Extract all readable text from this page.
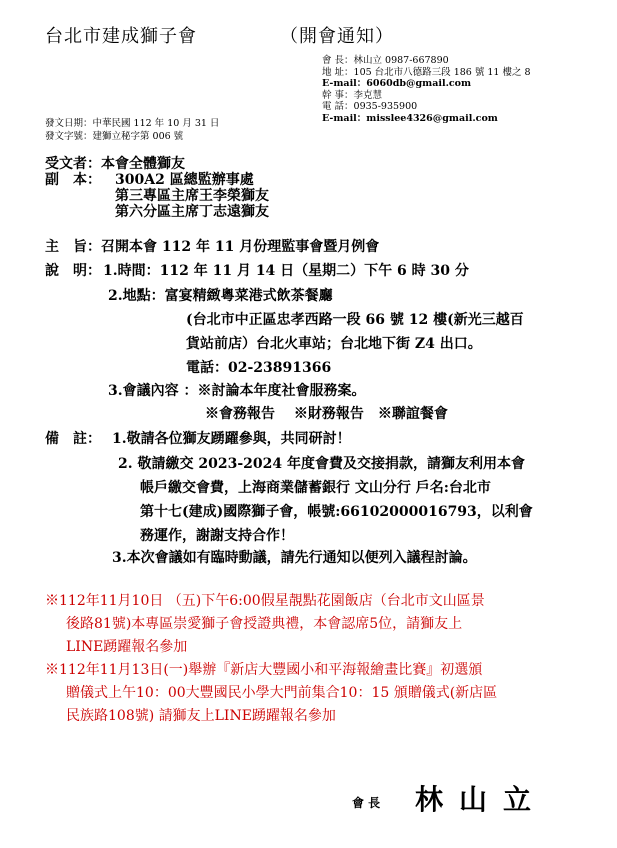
台北市建成獅子會	（開會通知）
會 長：林山立 0987-667890
地 址：105 台北市八德路三段 186 號 11 樓之 8
E-mail：6060db@gmail.com
幹 事：李克慧
電 話：0935-935900
E-mail：misslee4326@gmail.com
發文日期：中華民國 112 年 10 月 31 日
發文字號：建獅立秘字第 006 號
受文者：本會全體獅友
副　本： 300A2 區總監辦事處
第三專區主席王李榮獅友
第六分區主席丁志遠獅友
主　旨：召開本會 112 年 11 月份理監事會暨月例會
說　明： 1.時間：112 年 11 月 14 日（星期二）下午 6 時 30 分
2.地點：富宴精緻粵菜港式飲茶餐廳
(台北市中正區忠孝西路一段 66 號 12 樓(新光三越百
貨站前店）台北火車站；台北地下街 Z4 出口。
電話：02-23891366
3.會議內容 ：※討論本年度社會服務案。
※會務報告　 ※財務報告　※聯誼餐會
備　註： 1.敬請各位獅友踴躍參與，共同研討！
2. 敬請繳交 2023-2024 年度會費及交接捐款，請獅友利用本會
帳戶繳交會費，上海商業儲蓄銀行 文山分行 戶名:台北市
第十七(建成)國際獅子會，帳號:66102000016793，以利會
務運作，謝謝支持合作！
3.本次會議如有臨時動議，請先行通知以便列入議程討論。
※112年11月10日 （五)下午6:00假星靚點花園飯店（台北市文山區景
後路81號)本專區崇愛獅子會授證典禮，本會認席5位，請獅友上
LINE踴躍報名參加
※112年11月13日(一)舉辦『新店大豐國小和平海報繪畫比賽』初選頒
贈儀式上午10：00大豐國民小學大門前集合10：15 頒贈儀式(新店區
民族路108號) 請獅友上LINE踴躍報名參加
會 長 林山立
